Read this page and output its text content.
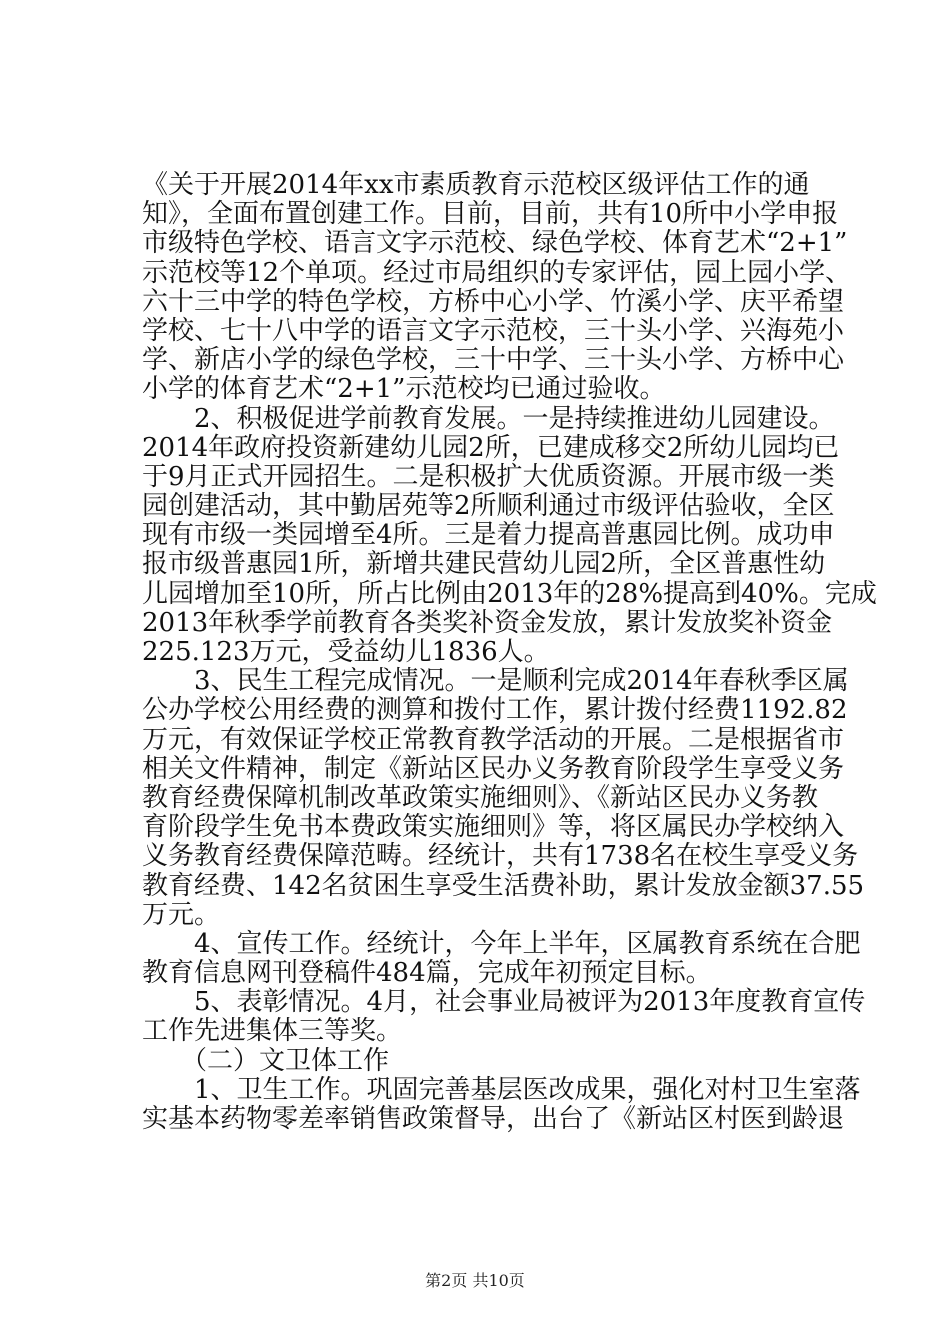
《关于开展2014年xx市素质教育示范校区级评估工作的通
知》，全面布置创建工作。目前，目前，共有10所中小学申报
市级特色学校、语言文字示范校、绿色学校、体育艺术“2+1”
示范校等12个单项。经过市局组织的专家评估，园上园小学、
六十三中学的特色学校，方桥中心小学、竹溪小学、庆平希望
学校、七十八中学的语言文字示范校，三十头小学、兴海苑小
学、新店小学的绿色学校，三十中学、三十头小学、方桥中心
小学的体育艺术“2+1”示范校均已通过验收。
　　2、积极促进学前教育发展。一是持续推进幼儿园建设。
2014年政府投资新建幼儿园2所，已建成移交2所幼儿园均已
于9月正式开园招生。二是积极扩大优质资源。开展市级一类
园创建活动，其中勤居苑等2所顺利通过市级评估验收，全区
现有市级一类园增至4所。三是着力提高普惠园比例。成功申
报市级普惠园1所，新增共建民营幼儿园2所，全区普惠性幼
儿园增加至10所，所占比例由2013年的28%提高到40%。完成
2013年秋季学前教育各类奖补资金发放，累计发放奖补资金
225.123万元，受益幼儿1836人。
　　3、民生工程完成情况。一是顺利完成2014年春秋季区属
公办学校公用经费的测算和拨付工作，累计拨付经费1192.82
万元，有效保证学校正常教育教学活动的开展。二是根据省市
相关文件精神，制定《新站区民办义务教育阶段学生享受义务
教育经费保障机制改革政策实施细则》、《新站区民办义务教
育阶段学生免书本费政策实施细则》等，将区属民办学校纳入
义务教育经费保障范畴。经统计，共有1738名在校生享受义务
教育经费、142名贫困生享受生活费补助，累计发放金额37.55
万元。
　　4、宣传工作。经统计，今年上半年，区属教育系统在合肥
教育信息网刊登稿件484篇，完成年初预定目标。
　　5、表彰情况。4月，社会事业局被评为2013年度教育宣传
工作先进集体三等奖。
　　（二）文卫体工作
　　1、卫生工作。巩固完善基层医改成果，强化对村卫生室落
实基本药物零差率销售政策督导，出台了《新站区村医到龄退
第2页 共10页
